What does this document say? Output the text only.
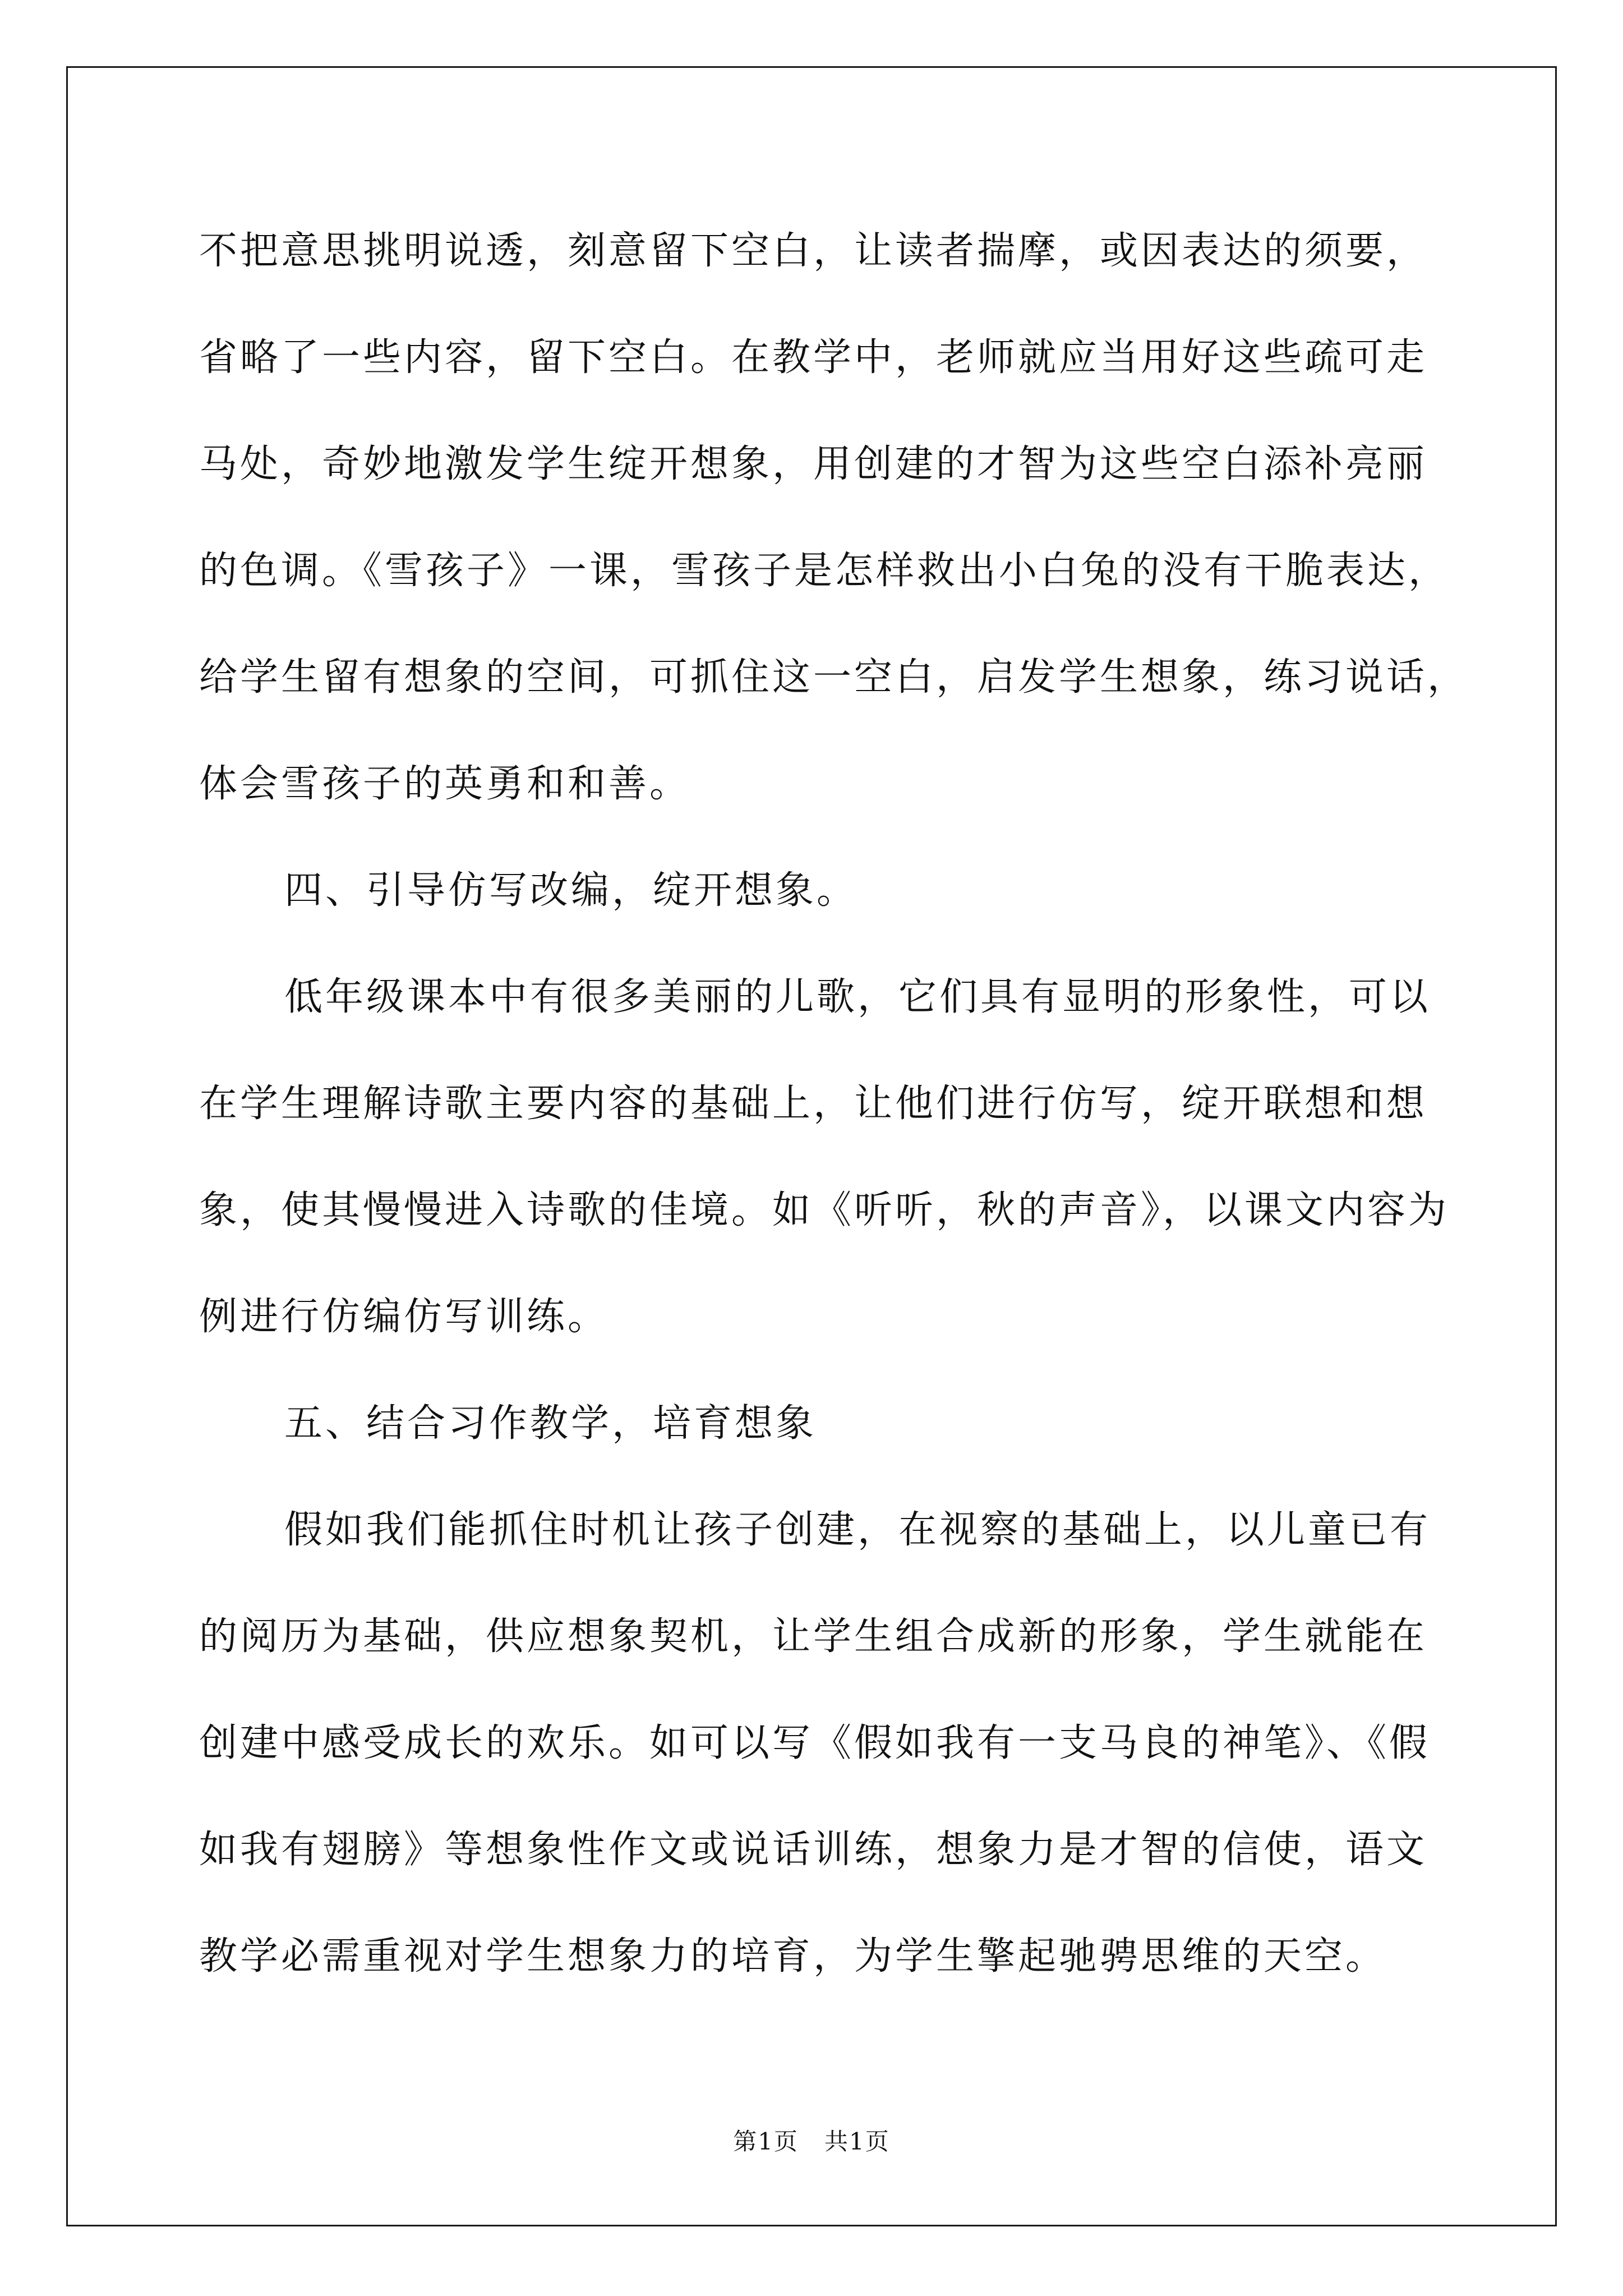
不把意思挑明说透，刻意留下空白，让读者揣摩，或因表达的须要，

省略了一些内容，留下空白。在教学中，老师就应当用好这些疏可走

马处，奇妙地激发学生绽开想象，用创建的才智为这些空白添补亮丽

的色调。《雪孩子》一课，雪孩子是怎样救出小白兔的没有干脆表达，

给学生留有想象的空间，可抓住这一空白，启发学生想象，练习说话，

体会雪孩子的英勇和和善。

四、引导仿写改编，绽开想象。

低年级课本中有很多美丽的儿歌，它们具有显明的形象性，可以

在学生理解诗歌主要内容的基础上，让他们进行仿写，绽开联想和想

象，使其慢慢进入诗歌的佳境。如《听听，秋的声音》，以课文内容为

例进行仿编仿写训练。

五、结合习作教学，培育想象

假如我们能抓住时机让孩子创建，在视察的基础上，以儿童已有

的阅历为基础，供应想象契机，让学生组合成新的形象，学生就能在

创建中感受成长的欢乐。如可以写《假如我有一支马良的神笔》、《假

如我有翅膀》等想象性作文或说话训练，想象力是才智的信使，语文

教学必需重视对学生想象力的培育，为学生擎起驰骋思维的天空。

第1页 共1页
